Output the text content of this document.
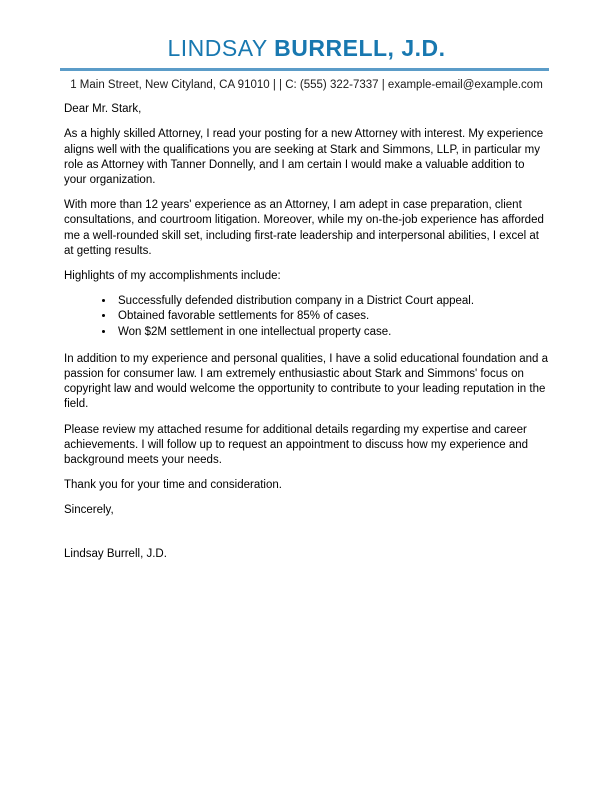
LINDSAY BURRELL, J.D.
1 Main Street, New Cityland, CA 91010 | | C: (555) 322-7337 | example-email@example.com

Dear Mr. Stark,

As a highly skilled Attorney, I read your posting for a new Attorney with interest. My experience aligns well with the qualifications you are seeking at Stark and Simmons, LLP, in particular my role as Attorney with Tanner Donnelly, and I am certain I would make a valuable addition to your organization.

With more than 12 years' experience as an Attorney, I am adept in case preparation, client consultations, and courtroom litigation. Moreover, while my on-the-job experience has afforded me a well-rounded skill set, including first-rate leadership and interpersonal abilities, I excel at at getting results.

Highlights of my accomplishments include:

• Successfully defended distribution company in a District Court appeal.
• Obtained favorable settlements for 85% of cases.
• Won $2M settlement in one intellectual property case.

In addition to my experience and personal qualities, I have a solid educational foundation and a passion for consumer law. I am extremely enthusiastic about Stark and Simmons' focus on copyright law and would welcome the opportunity to contribute to your leading reputation in the field.

Please review my attached resume for additional details regarding my expertise and career achievements. I will follow up to request an appointment to discuss how my experience and background meets your needs.

Thank you for your time and consideration.

Sincerely,

Lindsay Burrell, J.D.
